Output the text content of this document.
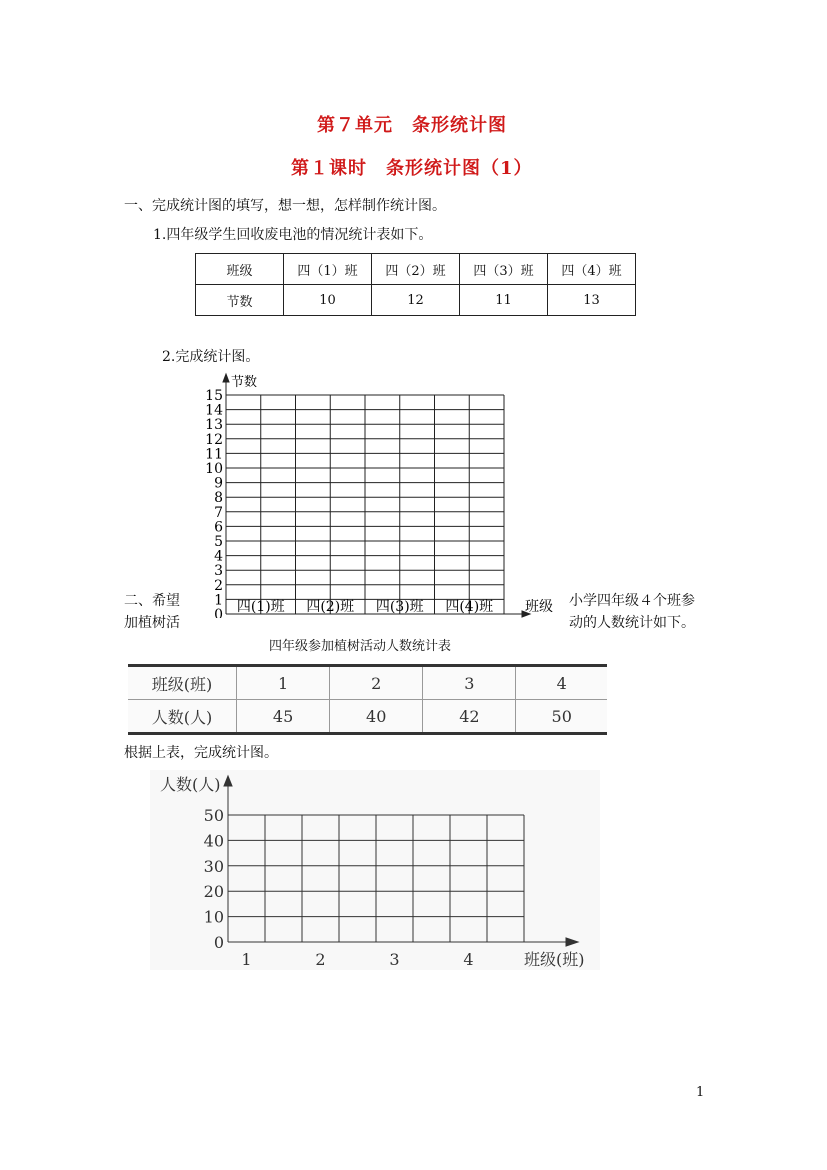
第７单元　条形统计图
第１课时　条形统计图（1）
一、完成统计图的填写，想一想，怎样制作统计图。
1.四年级学生回收废电池的情况统计表如下。
班级	四（1）班	四（2）班	四（3）班	四（4）班
节数	10	12	11	13
2.完成统计图。
节数
0
1
2
3
4
5
6
7
8
9
10
11
12
13
14
15
四(1)班 四(2)班 四(3)班 四(4)班 班级
二、希望
加植树活
小学四年级４个班参
动的人数统计如下。
四年级参加植树活动人数统计表
班级(班)	1	2	3	4
人数(人)	45	40	42	50
根据上表，完成统计图。
人数(人)
0
10
20
30
40
50
1	2	3	4	班级(班)
1
